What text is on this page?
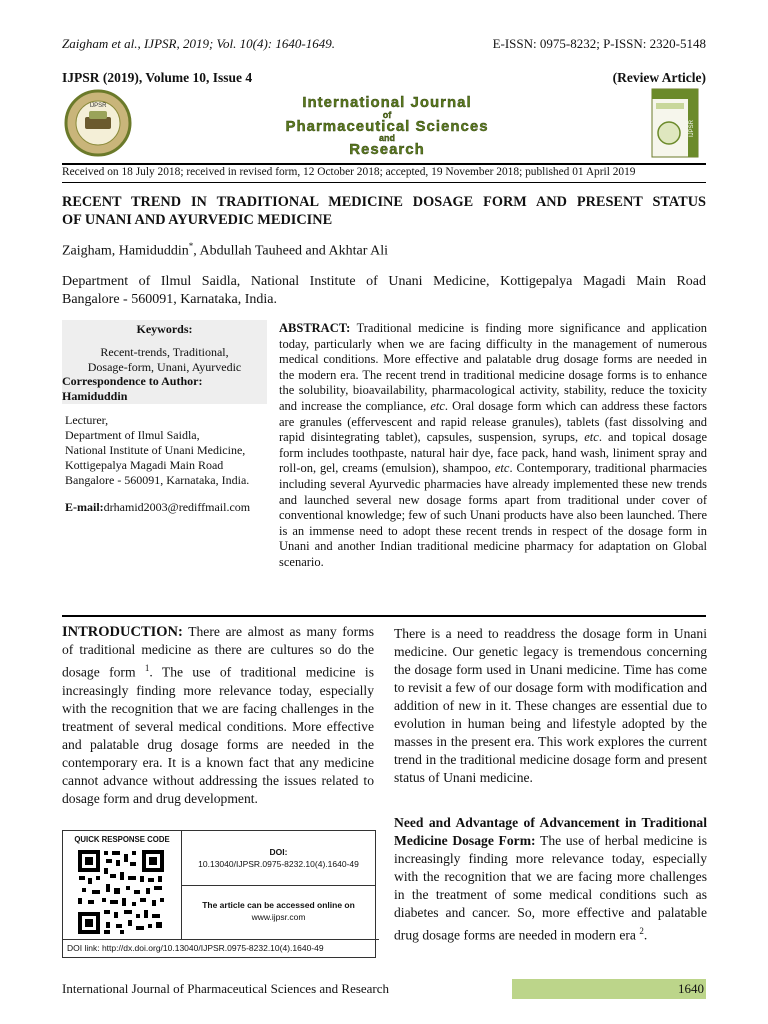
Zaigham et al., IJPSR, 2019; Vol. 10(4): 1640-1649.	E-ISSN: 0975-8232; P-ISSN: 2320-5148
IJPSR (2019), Volume 10, Issue 4	(Review Article)
IJPSR	International Journal
of
Pharmaceutical Sciences
and
Research
IJPSR
Received on 18 July 2018; received in revised form, 12 October 2018; accepted, 19 November 2018; published 01 April 2019
RECENT TREND IN TRADITIONAL MEDICINE DOSAGE FORM AND PRESENT STATUS
OF UNANI AND AYURVEDIC MEDICINE
Zaigham, Hamiduddin*, Abdullah Tauheed and Akhtar Ali
Department of Ilmul Saidla, National Institute of Unani Medicine, Kottigepalya Magadi Main Road
Bangalore - 560091, Karnataka, India.
Keywords:
Recent-trends, Traditional,
Dosage-form, Unani, Ayurvedic
Correspondence to Author:
Hamiduddin
Lecturer,
Department of Ilmul Saidla,
National Institute of Unani Medicine,
Kottigepalya Magadi Main Road
Bangalore - 560091, Karnataka, India.
E-mail:drhamid2003@rediffmail.com
ABSTRACT: Traditional medicine is finding more significance and application today, particularly when we are facing difficulty in the management of numerous medical conditions. More effective and palatable drug dosage forms are needed in the modern era. The recent trend in traditional medicine dosage forms is to enhance the solubility, bioavailability, pharmacological activity, stability, reduce the toxicity and increase the compliance, etc. Oral dosage form which can address these factors are granules (effervescent and rapid release granules), tablets (fast dissolving and rapid disintegrating tablet), capsules, suspension, syrups, etc. and topical dosage form includes toothpaste, natural hair dye, face pack, hand wash, liniment spray and roll-on, gel, creams (emulsion), shampoo, etc. Contemporary, traditional pharmacies including several Ayurvedic pharmacies have already implemented these new trends and launched several new dosage forms apart from traditional under cover of conventional knowledge; few of such Unani products have also been launched. There is an immense need to adopt these recent trends in respect of the dosage form in Unani and another Indian traditional medicine pharmacy for adaptation on Global scenario.
INTRODUCTION: There are almost as many forms of traditional medicine as there are cultures so do the dosage form $^1$. The use of traditional medicine is increasingly finding more relevance today, especially with the recognition that we are facing challenges in the treatment of several medical conditions. More effective and palatable drug dosage forms are needed in the contemporary era. It is a known fact that any medicine cannot advance without addressing the issues related to dosage form and drug development.
QUICK RESPONSE CODE
DOI:
10.13040/IJPSR.0975-8232.10(4).1640-49
The article can be accessed online on
www.ijpsr.com
DOI link: http://dx.doi.org/10.13040/IJPSR.0975-8232.10(4).1640-49
There is a need to readdress the dosage form in Unani medicine. Our genetic legacy is tremendous concerning the dosage form used in Unani medicine. Time has come to revisit a few of our dosage form with modification and addition of new in it. These changes are essential due to evolution in human being and lifestyle adopted by the masses in the present era. This work explores the current trend in the traditional medicine dosage form and present status of Unani medicine.
Need and Advantage of Advancement in Traditional Medicine Dosage Form: The use of herbal medicine is increasingly finding more relevance today, especially with the recognition that we are facing more challenges in the treatment of some medical conditions such as diabetes and cancer. So, more effective and palatable drug dosage forms are needed in modern era $^2$.
International Journal of Pharmaceutical Sciences and Research	1640
